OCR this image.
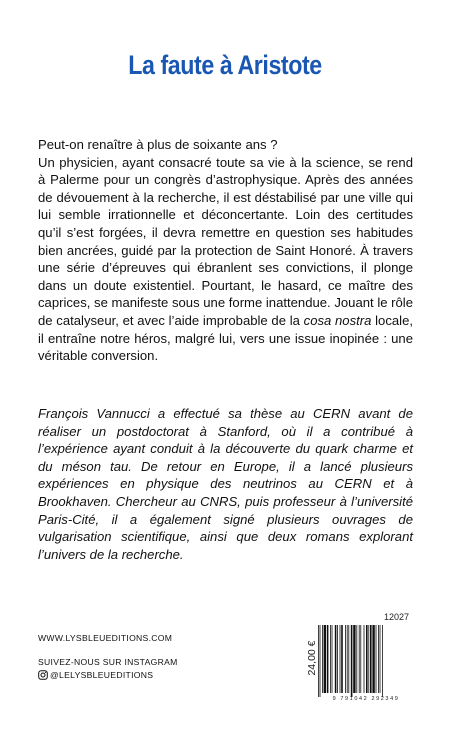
La faute à Aristote

Peut-on renaître à plus de soixante ans ?

Un physicien, ayant consacré toute sa vie à la science, se rend à Palerme pour un congrès d’astrophysique. Après des années de dévouement à la recherche, il est déstabilisé par une ville qui lui semble irrationnelle et déconcertante. Loin des certitudes qu’il s’est forgées, il devra remettre en question ses habitudes bien ancrées, guidé par la protection de Saint Honoré. À travers une série d’épreuves qui ébranlent ses convictions, il plonge dans un doute existentiel. Pourtant, le hasard, ce maître des caprices, se manifeste sous une forme inattendue. Jouant le rôle de catalyseur, et avec l’aide improbable de la cosa nostra locale, il entraîne notre héros, malgré lui, vers une issue inopinée : une véritable conversion.

François Vannucci a effectué sa thèse au CERN avant de réaliser un postdoctorat à Stanford, où il a contribué à l’expérience ayant conduit à la découverte du quark charme et du méson tau. De retour en Europe, il a lancé plusieurs expériences en physique des neutrinos au CERN et à Brookhaven. Chercheur au CNRS, puis professeur à l’université Paris-Cité, il a également signé plusieurs ouvrages de vulgarisation scientifique, ainsi que deux romans explorant l’univers de la recherche.
12027
24,00 €
9 791042 292349
WWW.LYSBLEUEDITIONS.COM
SUIVEZ-NOUS SUR INSTAGRAM
@LELYSBLEUEDITIONS
